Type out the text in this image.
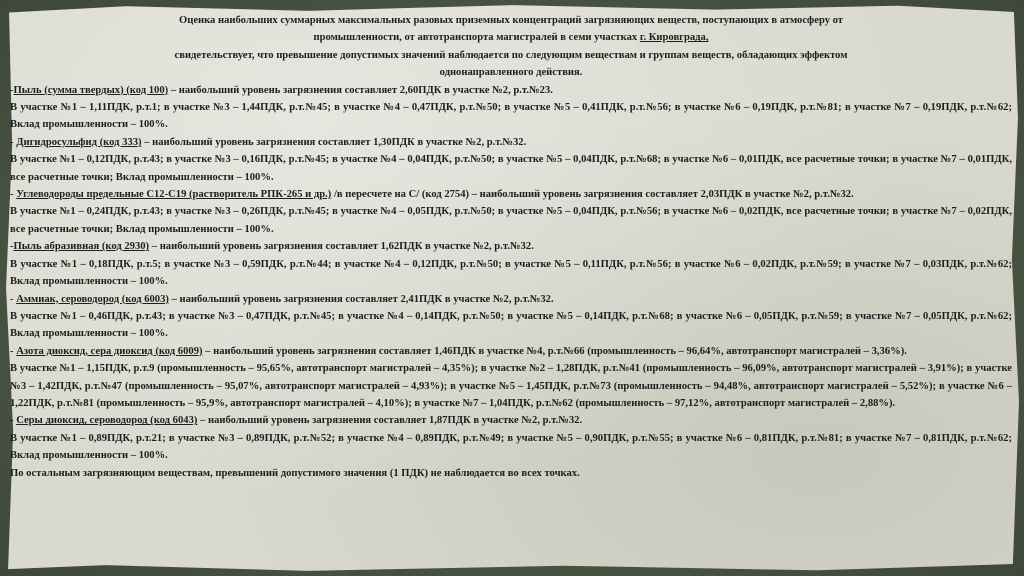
Оценка наибольших суммарных максимальных разовых приземных концентраций загрязняющих веществ, поступающих в атмосферу от
промышленности, от автотранспорта магистралей в семи участках г. Кировграда,
свидетельствует, что превышение допустимых значений наблюдается по следующим веществам и группам веществ, обладающих эффектом
однонаправленного действия.

-Пыль (сумма твердых) (код 100) – наибольший уровень загрязнения составляет 2,60ПДК в участке №2, р.т.№23.

В участке №1 – 1,11ПДК, р.т.1; в участке №3 – 1,44ПДК, р.т.№45; в участке №4 – 0,47ПДК, р.т.№50; в участке №5 – 0,41ПДК, р.т.№56; в участке №6 – 0,19ПДК, р.т.№81; в участке №7 – 0,19ПДК, р.т.№62; Вклад промышленности – 100%.

- Дигидросульфид (код 333) – наибольший уровень загрязнения составляет 1,30ПДК в участке №2, р.т.№32.

В участке №1 – 0,12ПДК, р.т.43; в участке №3 – 0,16ПДК, р.т.№45; в участке №4 – 0,04ПДК, р.т.№50; в участке №5 – 0,04ПДК, р.т.№68; в участке №6 – 0,01ПДК, все расчетные точки; в участке №7 – 0,01ПДК, все расчетные точки; Вклад промышленности – 100%.

- Углеводороды предельные С12-С19 (растворитель РПК-265 и др.) /в пересчете на С/ (код 2754) – наибольший уровень загрязнения составляет 2,03ПДК в участке №2, р.т.№32.

В участке №1 – 0,24ПДК, р.т.43; в участке №3 – 0,26ПДК, р.т.№45; в участке №4 – 0,05ПДК, р.т.№50; в участке №5 – 0,04ПДК, р.т.№56; в участке №6 – 0,02ПДК, все расчетные точки; в участке №7 – 0,02ПДК, все расчетные точки; Вклад промышленности – 100%.

-Пыль абразивная (код 2930) – наибольший уровень загрязнения составляет 1,62ПДК в участке №2, р.т.№32.

В участке №1 – 0,18ПДК, р.т.5; в участке №3 – 0,59ПДК, р.т.№44; в участке №4 – 0,12ПДК, р.т.№50; в участке №5 – 0,11ПДК, р.т.№56; в участке №6 – 0,02ПДК, р.т.№59; в участке №7 – 0,03ПДК, р.т.№62; Вклад промышленности – 100%.

- Аммиак, сероводород (код 6003) – наибольший уровень загрязнения составляет 2,41ПДК в участке №2, р.т.№32.

В участке №1 – 0,46ПДК, р.т.43; в участке №3 – 0,47ПДК, р.т.№45; в участке №4 – 0,14ПДК, р.т.№50; в участке №5 – 0,14ПДК, р.т.№68; в участке №6 – 0,05ПДК, р.т.№59; в участке №7 – 0,05ПДК, р.т.№62; Вклад промышленности – 100%.

- Азота диоксид, сера диоксид (код 6009) – наибольший уровень загрязнения составляет 1,46ПДК в участке №4, р.т.№66 (промышленность – 96,64%, автотранспорт магистралей – 3,36%).

В участке №1 – 1,15ПДК, р.т.9 (промышленность – 95,65%, автотранспорт магистралей – 4,35%); в участке №2 – 1,28ПДК, р.т.№41 (промышленность – 96,09%, автотранспорт магистралей – 3,91%); в участке №3 – 1,42ПДК, р.т.№47 (промышленность – 95,07%, автотранспорт магистралей – 4,93%); в участке №5 – 1,45ПДК, р.т.№73 (промышленность – 94,48%, автотранспорт магистралей – 5,52%); в участке №6 – 1,22ПДК, р.т.№81 (промышленность – 95,9%, автотранспорт магистралей – 4,10%); в участке №7 – 1,04ПДК, р.т.№62 (промышленность – 97,12%, автотранспорт магистралей – 2,88%).

- Серы диоксид, сероводород (код 6043) – наибольший уровень загрязнения составляет 1,87ПДК в участке №2, р.т.№32.

В участке №1 – 0,89ПДК, р.т.21; в участке №3 – 0,89ПДК, р.т.№52; в участке №4 – 0,89ПДК, р.т.№49; в участке №5 – 0,90ПДК, р.т.№55; в участке №6 – 0,81ПДК, р.т.№81; в участке №7 – 0,81ПДК, р.т.№62; Вклад промышленности – 100%.

По остальным загрязняющим веществам, превышений допустимого значения (1 ПДК) не наблюдается во всех точках.
